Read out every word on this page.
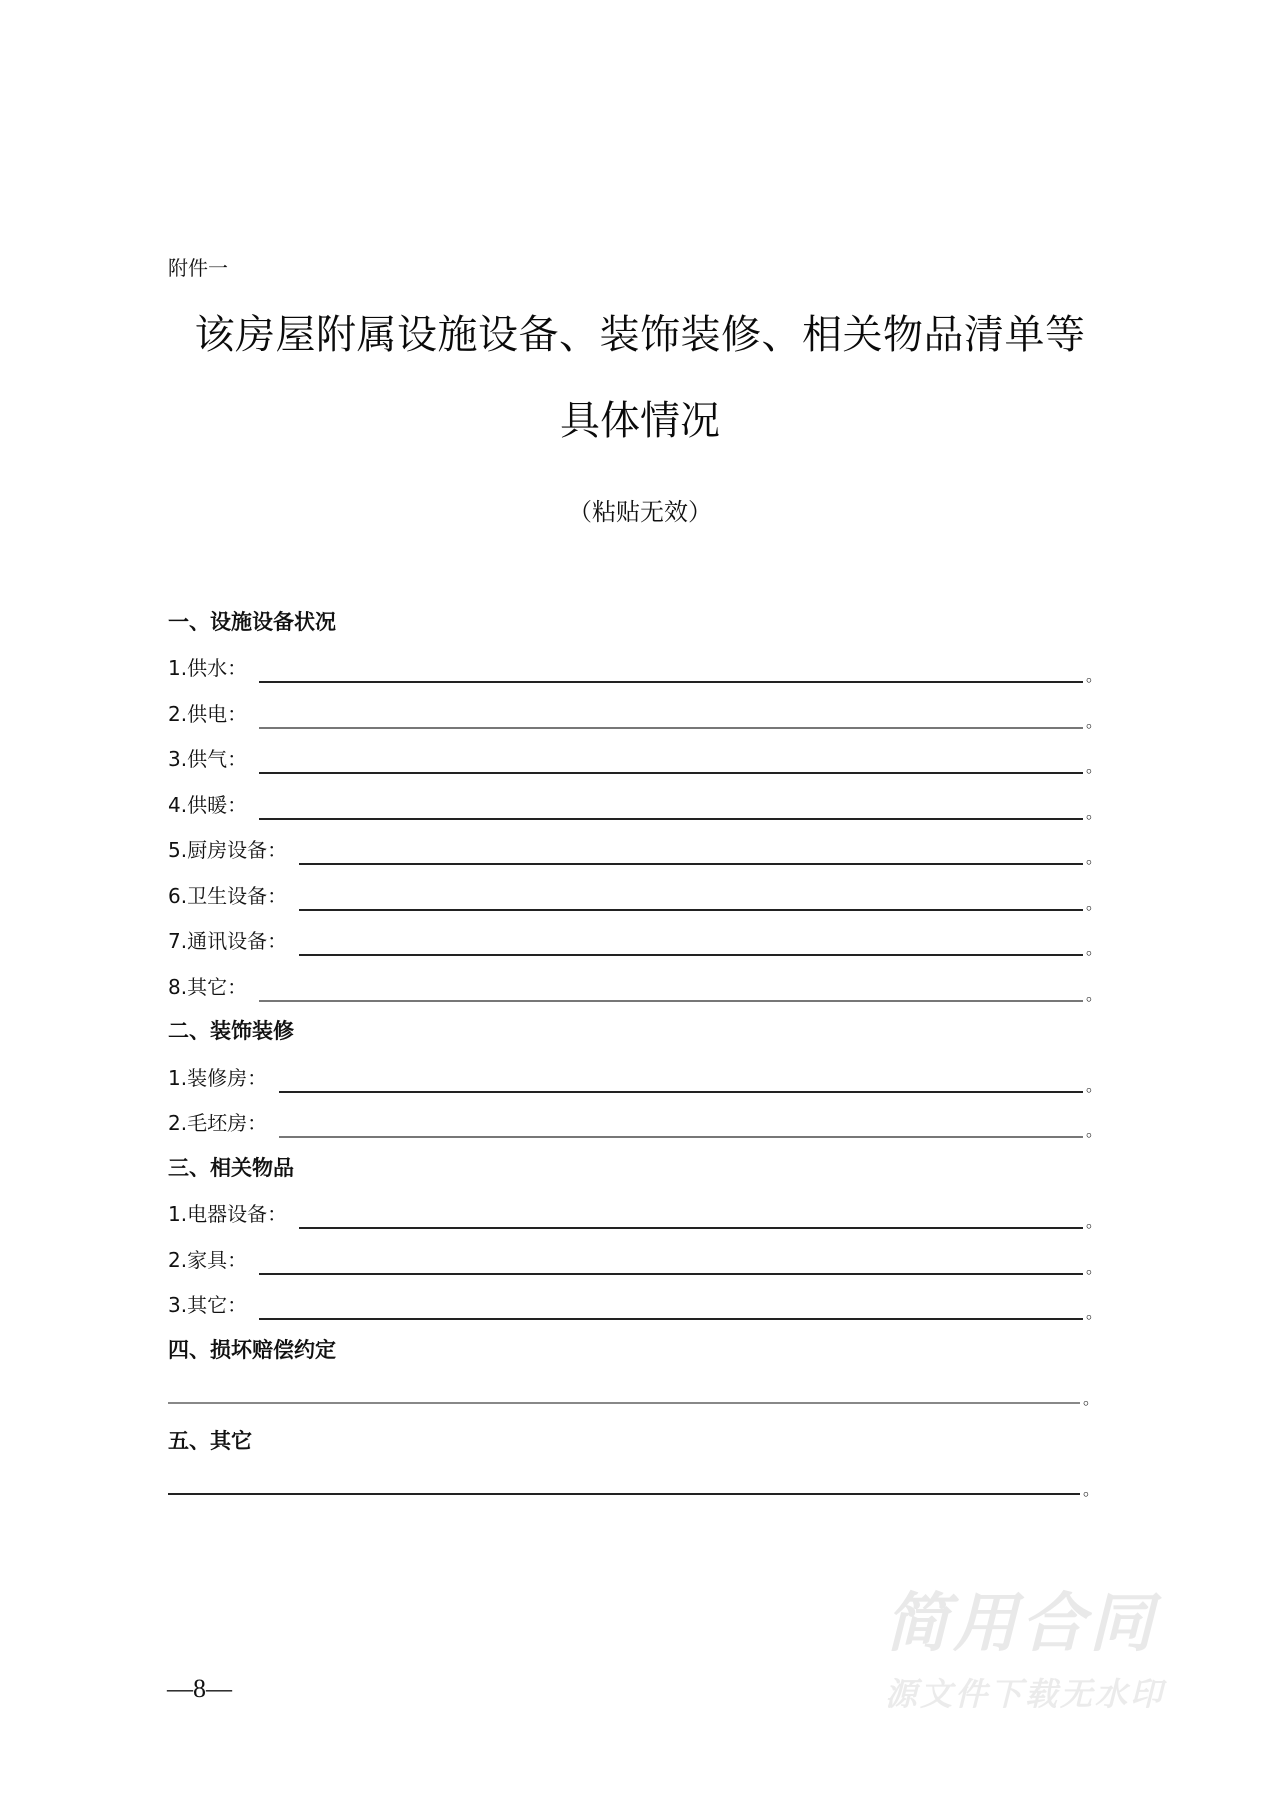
附件一
该房屋附属设施设备、装饰装修、相关物品清单等
具体情况
（粘贴无效）
一、设施设备状况
1.供水：	。
2.供电：	。
3.供气：	。
4.供暖：	。
5.厨房设备：	。
6.卫生设备：	。
7.通讯设备：	。
8.其它：	。
二、装饰装修
1.装修房：	。
2.毛坯房：	。
三、相关物品
1.电器设备：	。
2.家具：	。
3.其它：	。
四、损坏赔偿约定
。
五、其它
。
简用合同
源文件下载无水印
—8—
